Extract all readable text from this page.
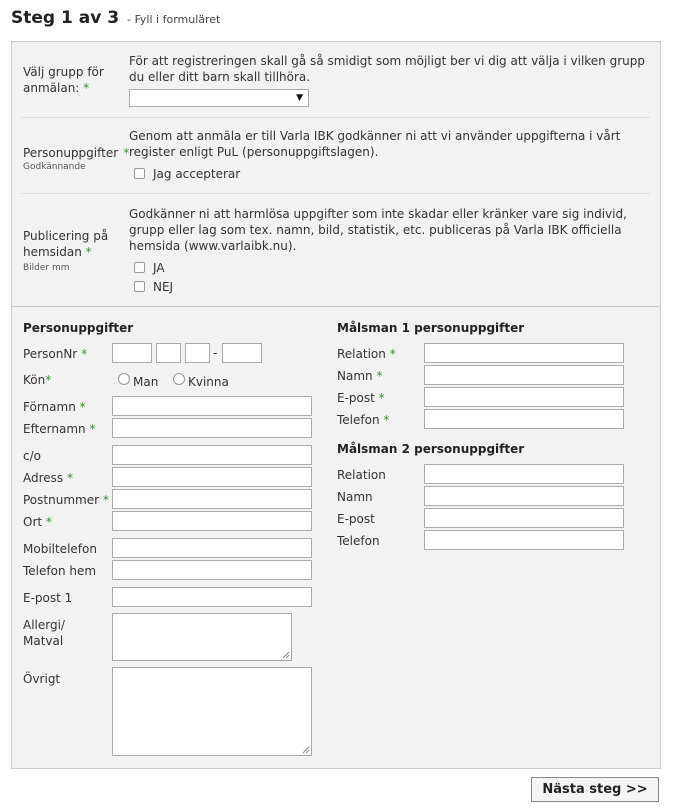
Steg 1 av 3 - Fyll i formuläret
Välj grupp för anmälan: *
För att registreringen skall gå så smidigt som möjligt ber vi dig att välja i vilken grupp du eller ditt barn skall tillhöra.
▼
Personuppgifter *
Godkännande
Genom att anmäla er till Varla IBK godkänner ni att vi använder uppgifterna i vårt register enligt PuL (personuppgiftslagen).
Jag accepterar
Publicering på hemsidan *
Bilder mm
Godkänner ni att harmlösa uppgifter som inte skadar eller kränker vare sig individ, grupp eller lag som tex. namn, bild, statistik, etc. publiceras på Varla IBK officiella hemsida (www.varlaibk.nu).
JA
NEJ
Personuppgifter
PersonNr *	-
Kön*	Man Kvinna
Förnamn *
Efternamn *
c/o
Adress *
Postnummer *
Ort *
Mobiltelefon
Telefon hem
E-post 1
Allergi/ Matval
Övrigt
Målsman 1 personuppgifter
Relation *
Namn *
E-post *
Telefon *
Målsman 2 personuppgifter
Relation
Namn
E-post
Telefon
Nästa steg >>
